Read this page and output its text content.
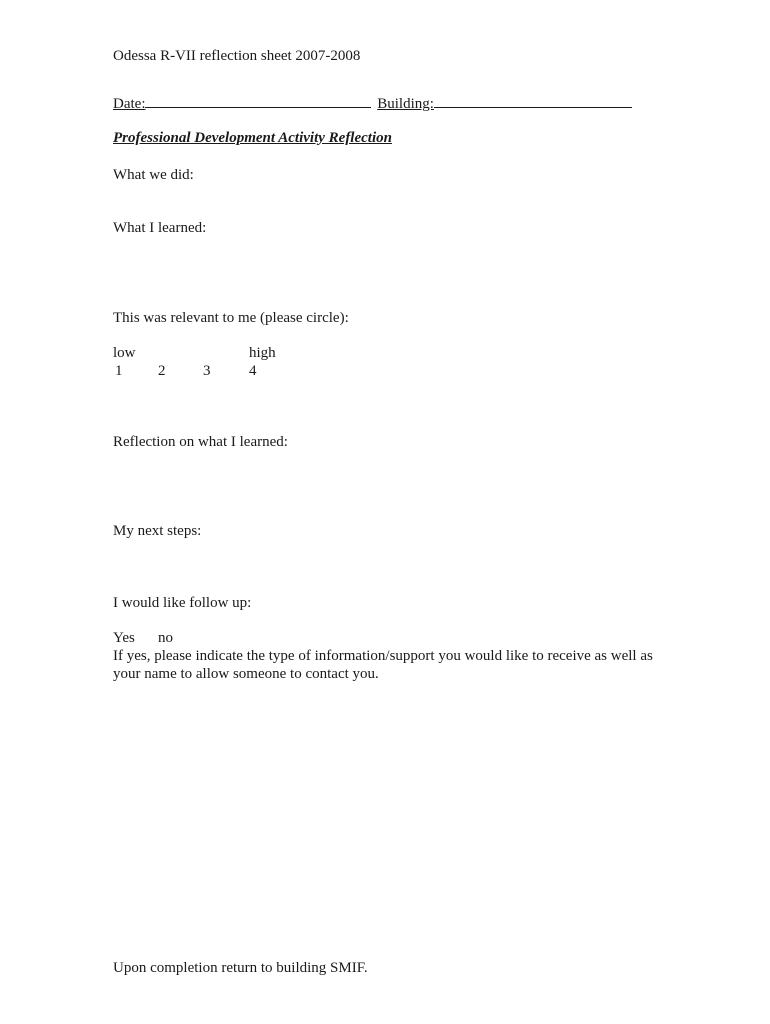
Odessa R-VII reflection sheet 2007-2008
Date:	Building:
Professional Development Activity Reflection
What we did:
What I learned:
This was relevant to me (please circle):
low	high
1 2	3	4
Reflection on what I learned:
My next steps:
I would like follow up:
Yes no
If yes, please indicate the type of information/support you would like to receive as well as your name to allow someone to contact you.
Upon completion return to building SMIF.
